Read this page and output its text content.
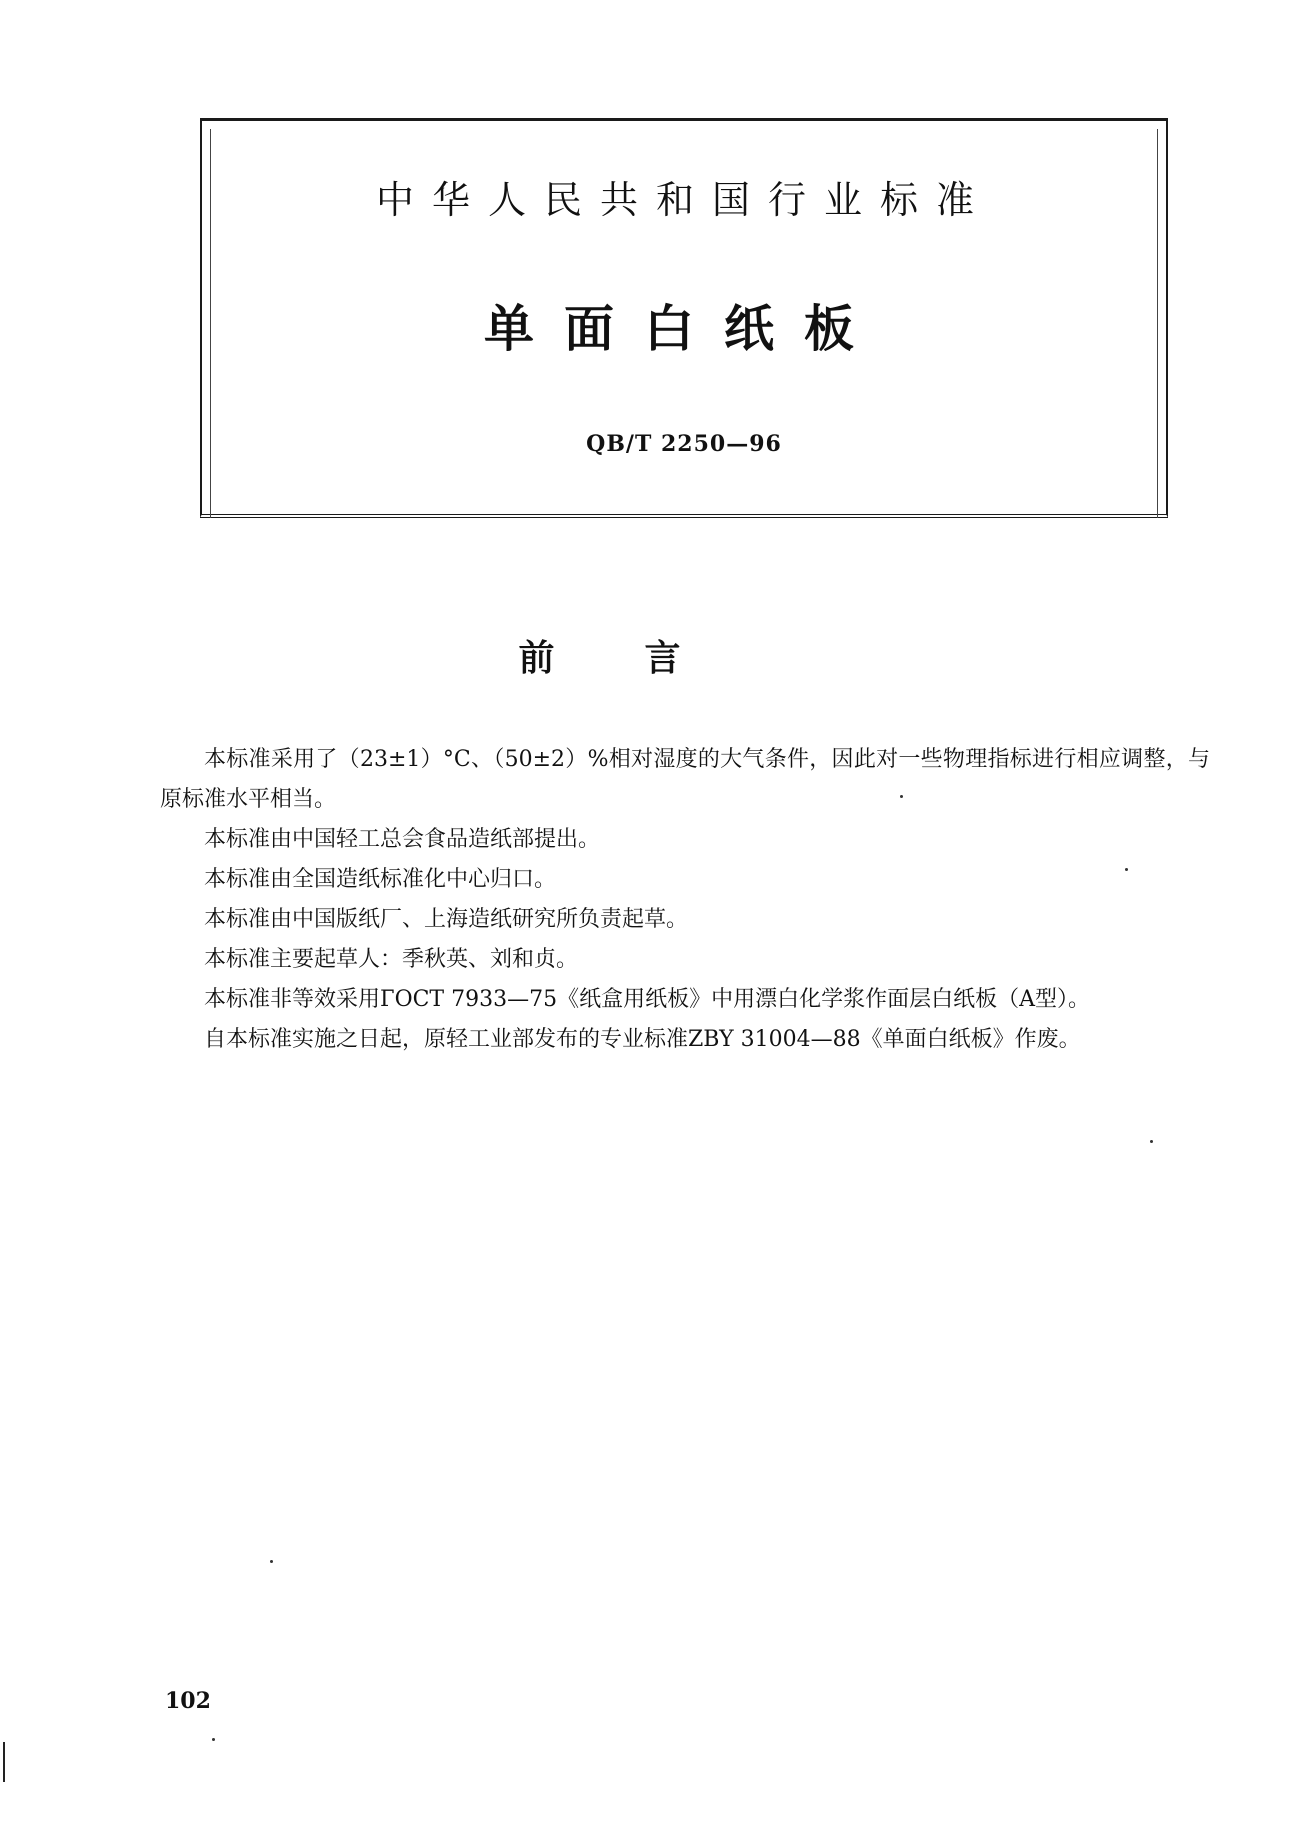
中华人民共和国行业标准
单面白纸板
QB/T 2250—96
前言

本标准采用了（23±1）°C、（50±2）%相对湿度的大气条件，因此对一些物理指标进行相应调整，与原标准水平相当。

本标准由中国轻工总会食品造纸部提出。

本标准由全国造纸标准化中心归口。

本标准由中国版纸厂、上海造纸研究所负责起草。

本标准主要起草人：季秋英、刘和贞。

本标准非等效采用ГОСТ 7933—75《纸盒用纸板》中用漂白化学浆作面层白纸板（A型）。

自本标准实施之日起，原轻工业部发布的专业标准ZBY 31004—88《单面白纸板》作废。

102
